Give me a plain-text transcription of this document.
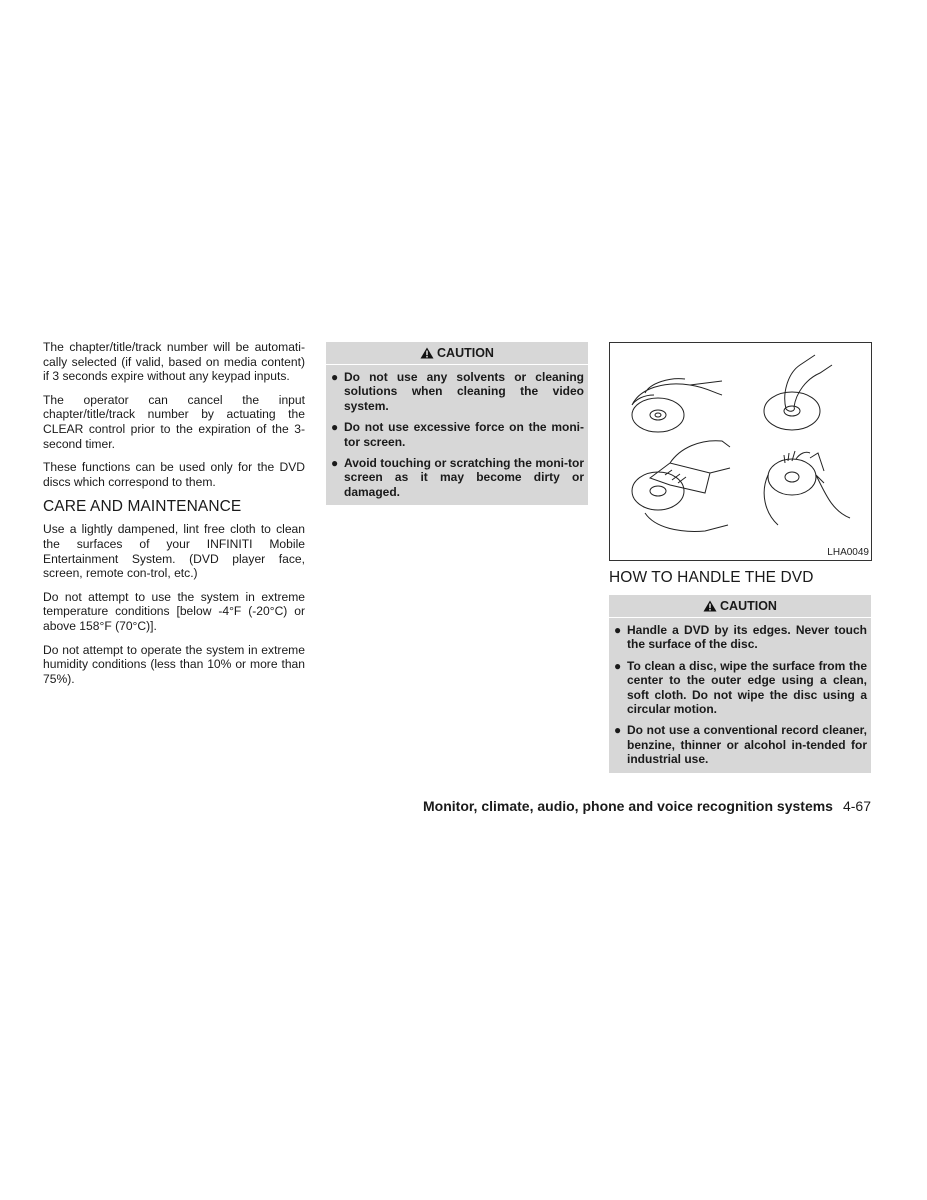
The chapter/title/track number will be automati-cally selected (if valid, based on media content) if 3 seconds expire without any keypad inputs.

The operator can cancel the input chapter/title/track number by actuating the CLEAR control prior to the expiration of the 3-second timer.

These functions can be used only for the DVD discs which correspond to them.

CARE AND MAINTENANCE

Use a lightly dampened, lint free cloth to clean the surfaces of your INFINITI Mobile Entertainment System. (DVD player face, screen, remote con-trol, etc.)

Do not attempt to use the system in extreme temperature conditions [below -4°F (-20°C) or above 158°F (70°C)].

Do not attempt to operate the system in extreme humidity conditions (less than 10% or more than 75%).

CAUTION
● Do not use any solvents or cleaning solutions when cleaning the video system.
● Do not use excessive force on the moni-tor screen.
● Avoid touching or scratching the moni-tor screen as it may become dirty or damaged.
LHA0049
HOW TO HANDLE THE DVD
CAUTION
● Handle a DVD by its edges. Never touch the surface of the disc.
● To clean a disc, wipe the surface from the center to the outer edge using a clean, soft cloth. Do not wipe the disc using a circular motion.
● Do not use a conventional record cleaner, benzine, thinner or alcohol in-tended for industrial use.
Monitor, climate, audio, phone and voice recognition systems 4-67
